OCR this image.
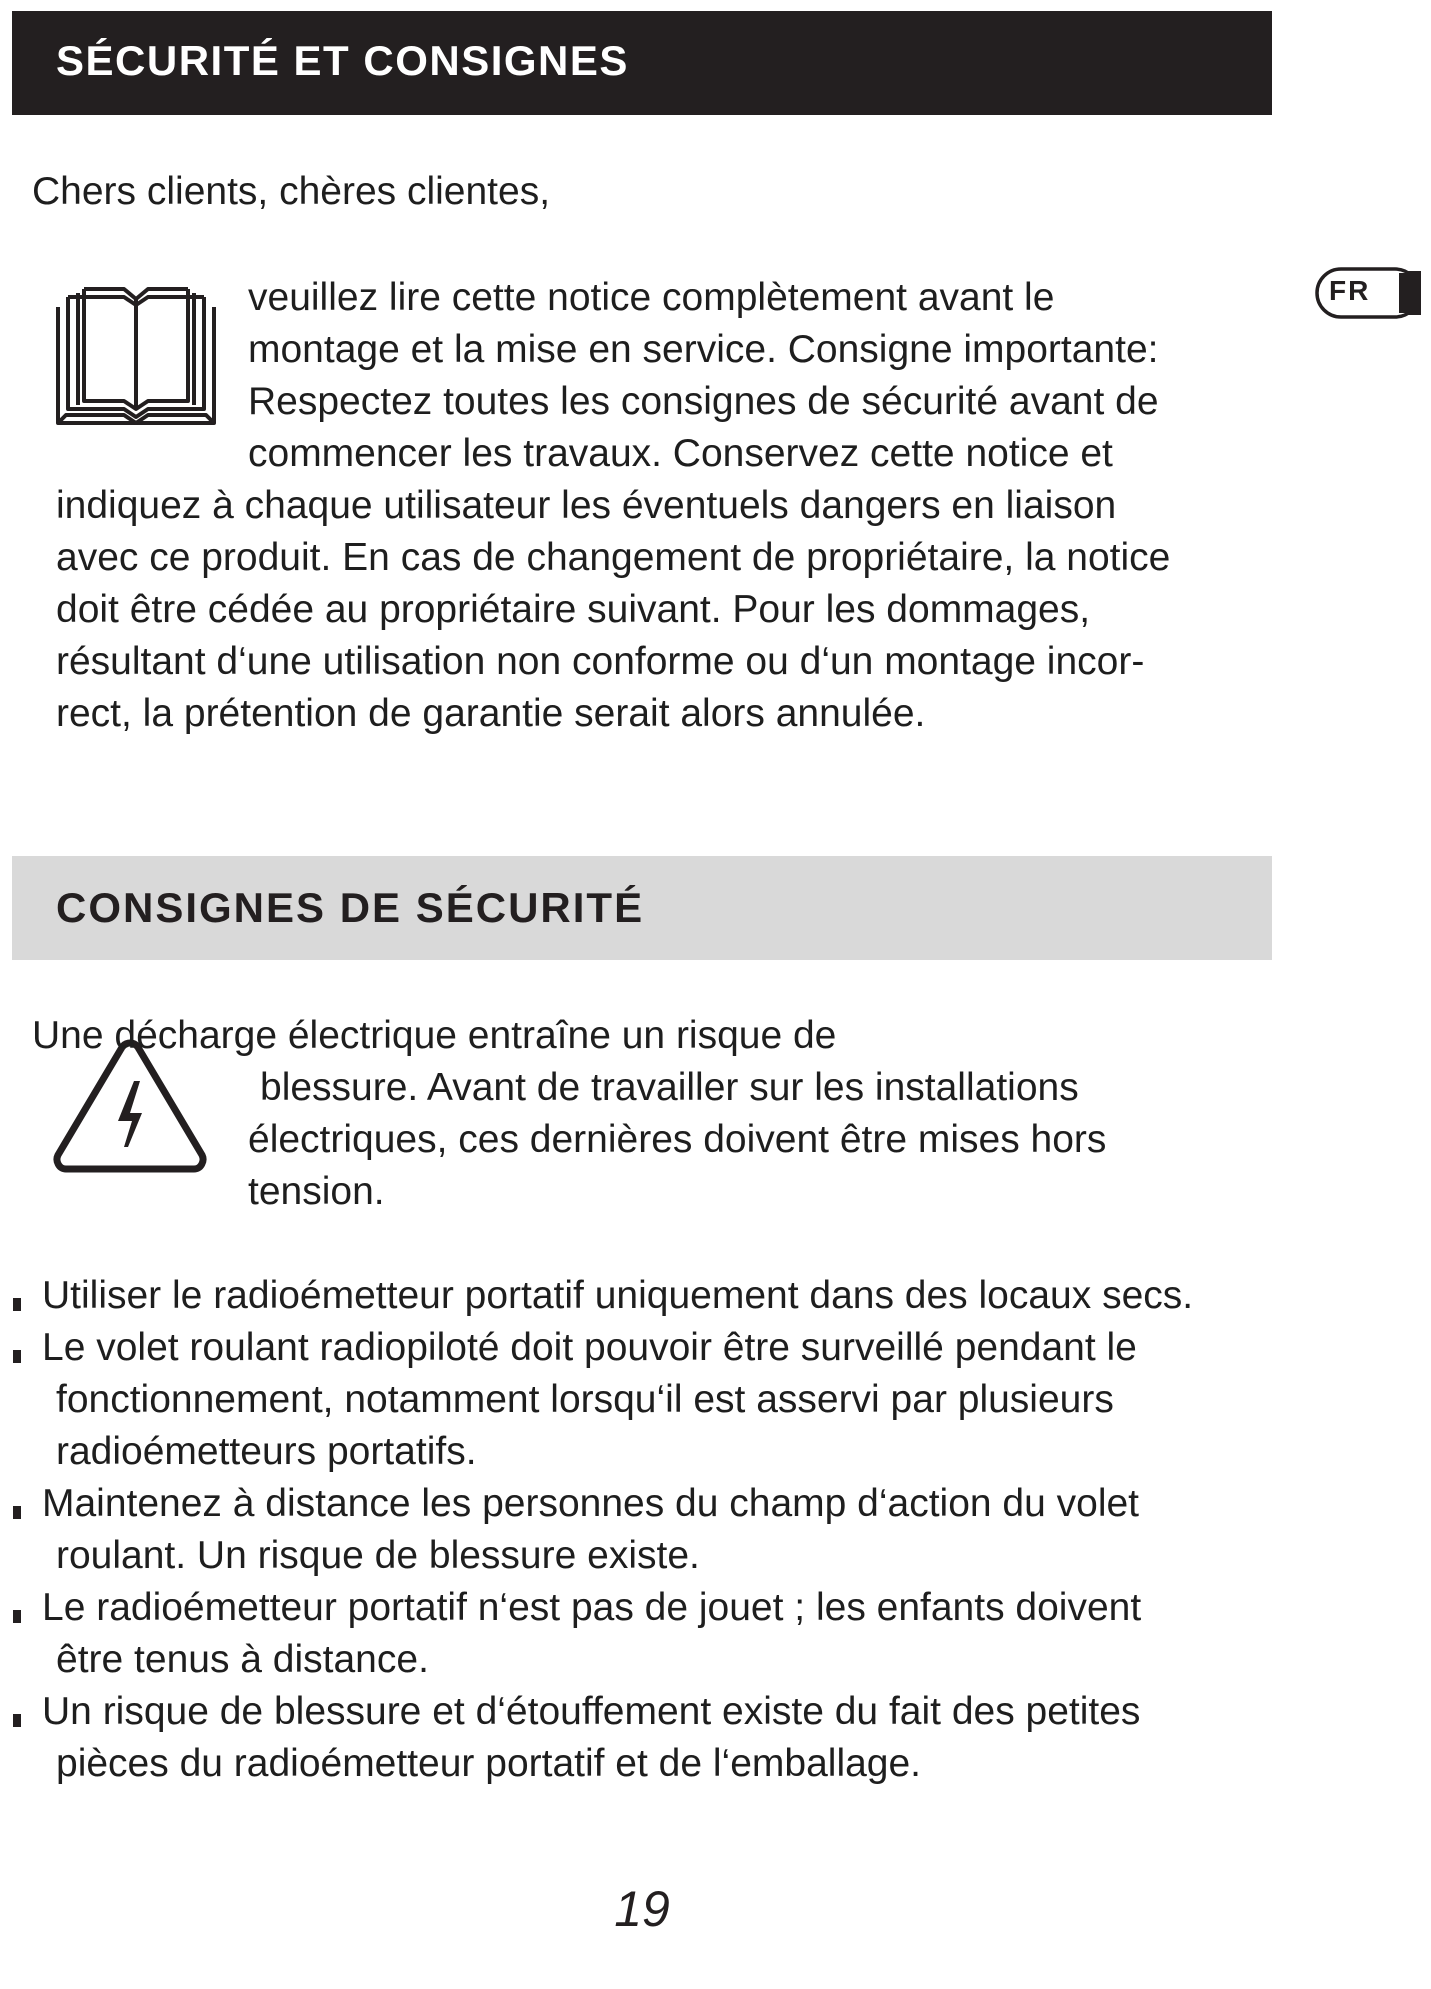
SÉCURITÉ ET CONSIGNES

Chers clients, chères clientes,

veuillez lire cette notice complètement avant le

montage et la mise en service. Consigne importante:

Respectez toutes les consignes de sécurité avant de

commencer les travaux. Conservez cette notice et

indiquez à chaque utilisateur les éventuels dangers en liaison

avec ce produit. En cas de changement de propriétaire, la notice

doit être cédée au propriétaire suivant. Pour les dommages,

résultant d‘une utilisation non conforme ou d‘un montage incor-

rect, la prétention de garantie serait alors annulée.

FR
CONSIGNES DE SÉCURITÉ

Une décharge électrique entraîne un risque de

blessure. Avant de travailler sur les installations

électriques, ces dernières doivent être mises hors

tension.

Utiliser le radioémetteur portatif uniquement dans des locaux secs.

Le volet roulant radiopiloté doit pouvoir être surveillé pendant le

fonctionnement, notamment lorsqu‘il est asservi par plusieurs

radioémetteurs portatifs.

Maintenez à distance les personnes du champ d‘action du volet

roulant. Un risque de blessure existe.

Le radioémetteur portatif n‘est pas de jouet ; les enfants doivent

être tenus à distance.

Un risque de blessure et d‘étouffement existe du fait des petites

pièces du radioémetteur portatif et de l‘emballage.

19
